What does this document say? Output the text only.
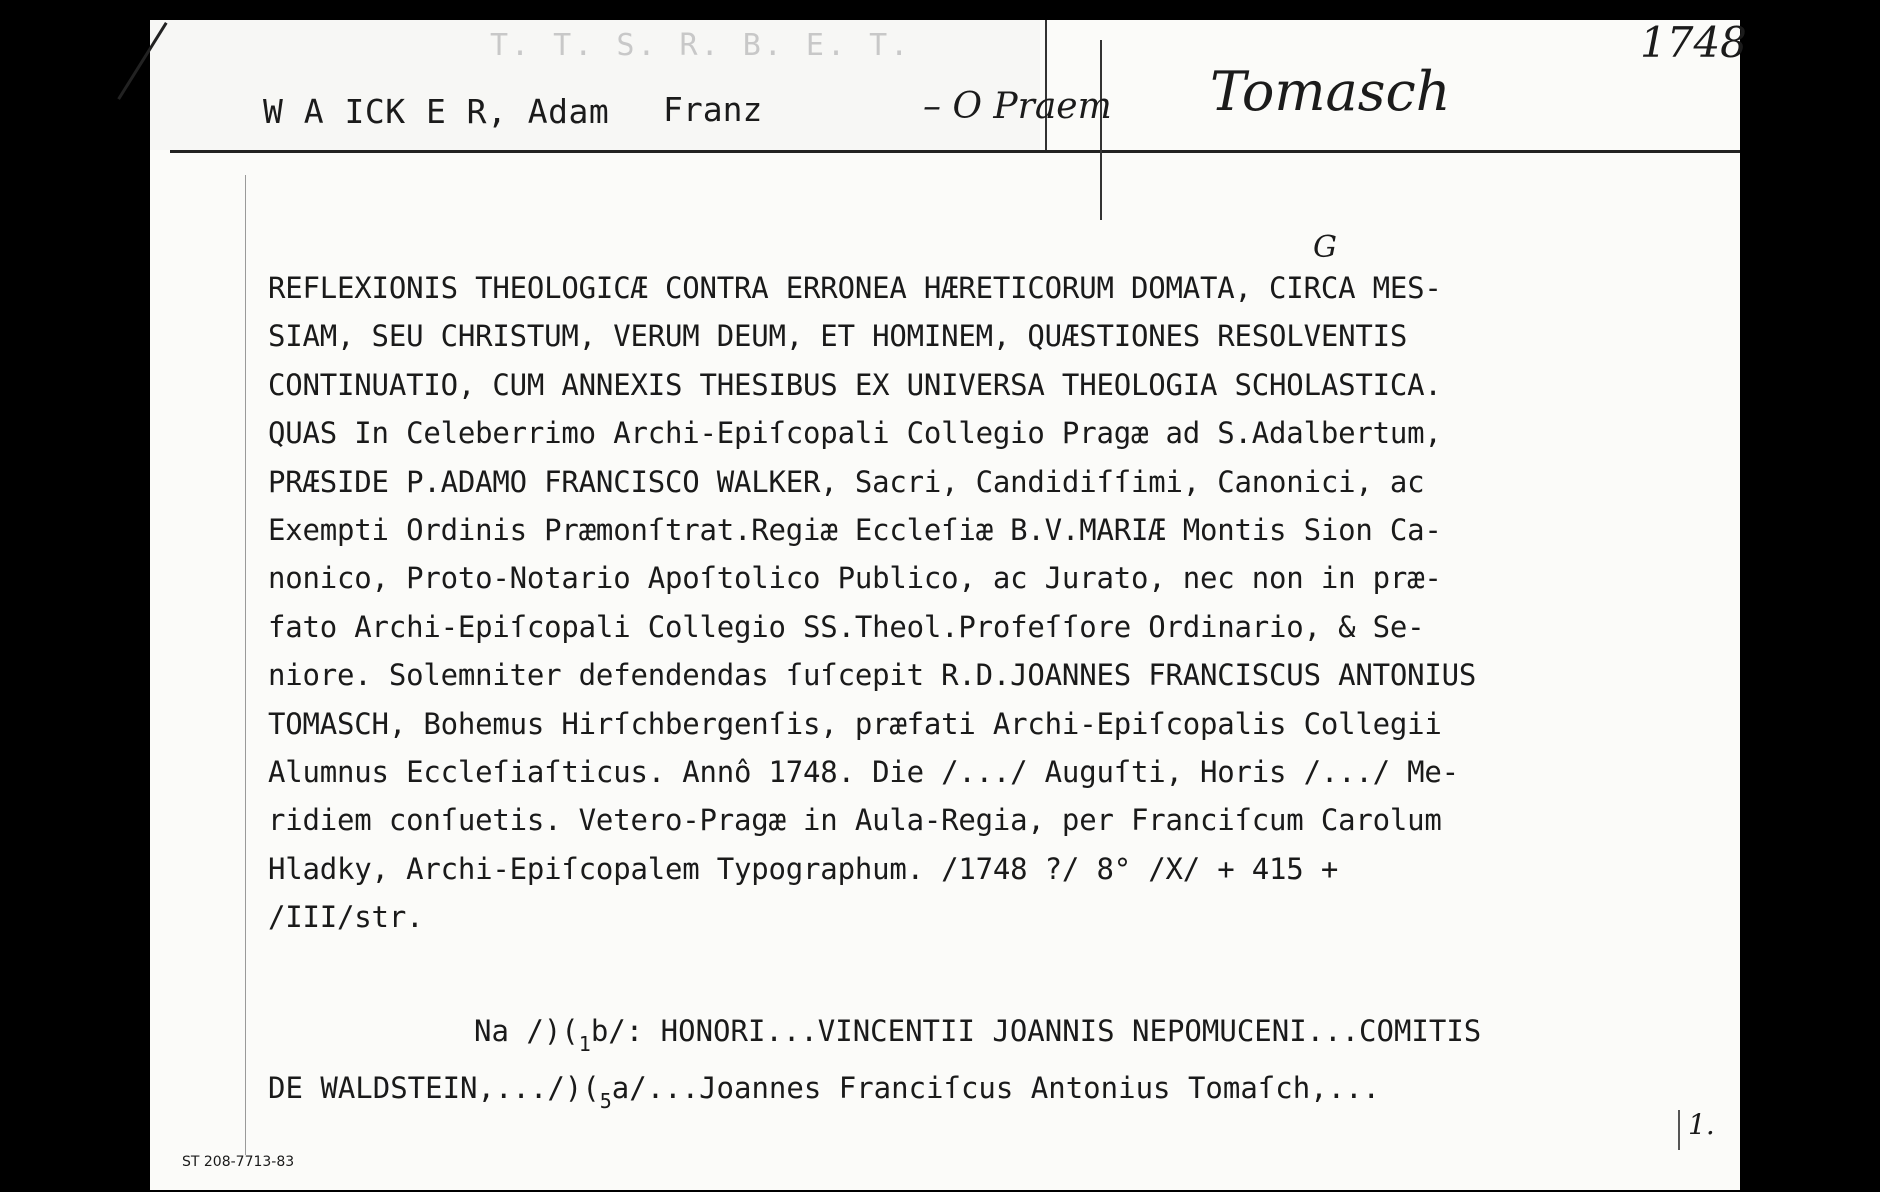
T. T. S. R. B. E. T.
W A ICK E R, Adam Franz	– O Praem Tomasch
1748
G
REFLEXIONIS THEOLOGICÆ CONTRA ERRONEA HÆRETICORUM DOMATA, CIRCA MES-
SIAM, SEU CHRISTUM, VERUM DEUM, ET HOMINEM, QUÆSTIONES RESOLVENTIS
CONTINUATIO, CUM ANNEXIS THESIBUS EX UNIVERSA THEOLOGIA SCHOLASTICA.
QUAS In Celeberrimo Archi-Epiſcopali Collegio Pragæ ad S.Adalbertum,
PRÆSIDE P.ADAMO FRANCISCO WALKER, Sacri, Candidiſſimi, Canonici, ac
Exempti Ordinis Præmonſtrat.Regiæ Eccleſiæ B.V.MARIÆ Montis Sion Ca-
nonico, Proto-Notario Apoſtolico Publico, ac Jurato, nec non in præ-
fato Archi-Epiſcopali Collegio SS.Theol.Profeſſore Ordinario, & Se-
niore. Solemniter defendendas ſuſcepit R.D.JOANNES FRANCISCUS ANTONIUS
TOMASCH, Bohemus Hirſchbergenſis, præfati Archi-Epiſcopalis Collegii
Alumnus Eccleſiaſticus. Annô 1748. Die /.../ Auguſti, Horis /.../ Me-
ridiem conſuetis. Vetero-Pragæ in Aula-Regia, per Franciſcum Carolum
Hladky, Archi-Epiſcopalem Typographum. /1748 ?/ 8° /X/ + 415 +
/III/str.
Na $/)(_1b/$: HONORI...VINCENTII JOANNIS NEPOMUCENI...COMITIS
DE $WALDSTEIN,.../)(_5a/...Joannes$ Franciſcus Antonius Tomaſch,...
ST 208-7713-83
1.
